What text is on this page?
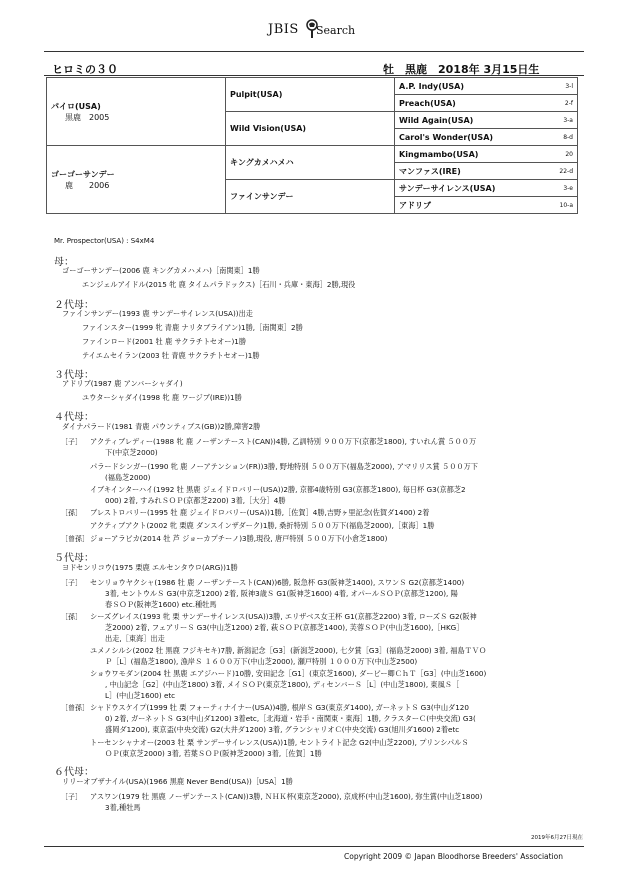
JBIS Search
ヒロミの３０	牡　黒鹿　2018年 3月15日生
パイロ(USA)
黒鹿　2005	Pulpit(USA)	A.P. Indy(USA) 3-l

		Preach(USA) 2-f

	Wild Vision(USA)	Wild Again(USA) 3-a

		Carol's Wonder(USA) 8-d

ゴーゴーサンデー
鹿　　2006	キングカメハメハ	Kingmambo(USA) 20

		マンファス(IRE) 22-d

	ファインサンデー	サンデーサイレンス(USA) 3-e

		アドリブ 10-a
Mr. Prospector(USA) : S4xM4
母：
ゴーゴーサンデー(2006 鹿 キングカメハメハ)［南関東］1勝
エンジェルアイドル(2015 牝 鹿 タイムパラドックス)［石川・兵庫・東海］2勝,現役
２代母：
ファインサンデー(1993 鹿 サンデーサイレンス(USA))出走
ファインスター(1999 牝 青鹿 ナリタブライアン)1勝,［南関東］2勝
ファインロード(2001 牡 鹿 サクラチトセオー)1勝
テイエムセイラン(2003 牡 青鹿 サクラチトセオー)1勝
３代母：
アドリブ(1987 鹿 アンバーシャダイ)
ユウターシャダイ(1998 牝 鹿 ワージブ(IRE))1勝
４代母：
ダイナパラード(1981 青鹿 パウンティブス(GB))2勝,障害2勝
［子］ アクティブレディー(1988 牝 鹿 ノーザンテースト(CAN))4勝, 乙訓特別 ９００万下(京都芝1800), すいれん賞 ５００万
下(中京芝2000)
パラードシンガー(1990 牝 鹿 ノーアテンション(FR))3勝, 野地特別 ５００万下(福島芝2000), アマリリス賞 ５００万下
(福島芝2000)
イブキインターハイ(1992 牡 黒鹿 ジェイドロバリー(USA))2勝, 京都4歳特別 G3(京都芝1800), 毎日杯 G3(京都芝2
000) 2着, すみれＳＯＰ(京都芝2200) 3着,［大分］4勝
［孫］ ブレストロバリー(1995 牡 鹿 ジェイドロバリー(USA))1勝,［佐賀］4勝,吉野ヶ里記念(佐賀ダ1400) 2着
アクティブアクト(2002 牝 栗鹿 ダンスインザダーク)1勝, 桑折特別 ５００万下(福島芝2000),［東海］1勝
［曾孫］ ジョーアラビカ(2014 牡 芦 ジョーカプチーノ)3勝,現役, 唐戸特別 ５００万下(小倉芝1800)
５代母：
ヨドセンリコウ(1975 栗鹿 エルセンタウロ(ARG))1勝
［子］ センリョウヤクシャ(1986 牡 鹿 ノーザンテースト(CAN))6勝, 阪急杯 G3(阪神芝1400), スワンＳ G2(京都芝1400)
3着, セントウルＳ G3(中京芝1200) 2着, 阪神3歳Ｓ G1(阪神芝1600) 4着, オパールＳＯＰ(京都芝1200), 陽
春ＳＯＰ(阪神芝1600) etc.種牡馬
［孫］ シーズグレイス(1993 牝 栗 サンデーサイレンス(USA))3勝, エリザベス女王杯 G1(京都芝2200) 3着, ローズＳ G2(阪神
芝2000) 2着, フェアリーＳ G3(中山芝1200) 2着, 萩ＳＯＰ(京都芝1400), 芙蓉ＳＯＰ(中山芝1600),［HKG］
出走,［東海］出走
ユメノシルシ(2002 牡 黒鹿 フジキセキ)7勝, 新潟記念［G3］(新潟芝2000), 七夕賞［G3］(福島芝2000) 3着, 福島ＴＶＯ
Ｐ［L］(福島芝1800), 漁岸Ｓ １６００万下(中山芝2000), 瀬戸特別 １０００万下(中山芝2500)
ショウワモダン(2004 牡 黒鹿 エアジハード)10勝, 安田記念［G1］(東京芝1600), ダービー卿ＣｈＴ［G3］(中山芝1600)
, 中山記念［G2］(中山芝1800) 3着, メイＳＯＰ(東京芝1800), ディセンバーＳ［L］(中山芝1800), 東風Ｓ［
L］(中山芝1600) etc
［曾孫］ シャドウスケイプ(1999 牡 栗 フォーティナイナー(USA))4勝, 根岸Ｓ G3(東京ダ1400), ガーネットＳ G3(中山ダ120
0) 2着, ガーネットＳ G3(中山ダ1200) 3着etc,［北海道・岩手・南関東・東海］1勝, クラスターＣ(中央交流) G3(
盛岡ダ1200), 東京盃(中央交流) G2(大井ダ1200) 3着, グランシャリオＣ(中央交流) G3(旭川ダ1600) 2着etc
トーセンシャナオー(2003 牡 栗 サンデーサイレンス(USA))1勝, セントライト記念 G2(中山芝2200), プリンシパルＳ
ＯＰ(東京芝2000) 3着, 若葉ＳＯＰ(阪神芝2000) 3着,［佐賀］1勝
６代母：
リリーオブザナイル(USA)(1966 黒鹿 Never Bend(USA))［USA］1勝
［子］ アスワン(1979 牡 黒鹿 ノーザンテースト(CAN))3勝, ＮＨＫ杯(東京芝2000), 京成杯(中山芝1600), 弥生賞(中山芝1800)
3着,種牡馬
2019年6月27日現在
Copyright 2009 © Japan Bloodhorse Breeders' Association
